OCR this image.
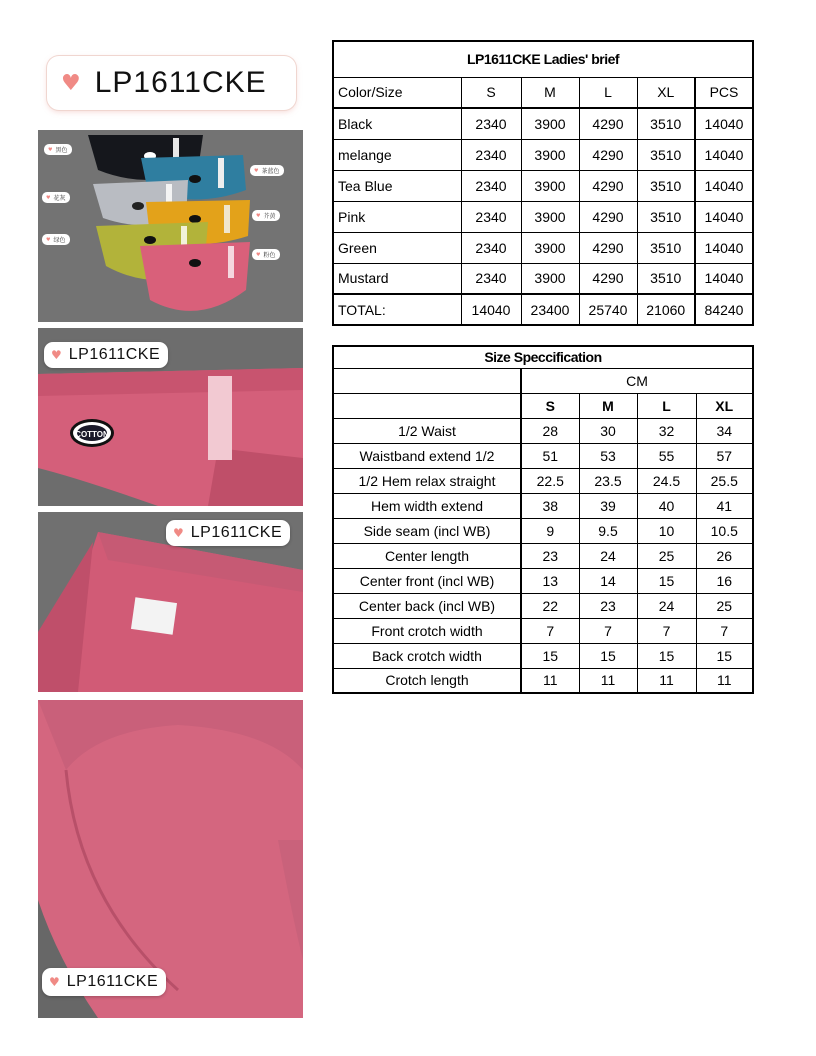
♥ LP1611CKE
♥ 黑色
♥ 茶蓝色
♥ 花灰
♥ 芥黄
♥ 绿色
♥ 粉色
COTTON
♥ LP1611CKE
♥ LP1611CKE
♥ LP1611CKE
LP1611CKE Ladies' brief					
Color/Size	S	M	L	XL	PCS
Black	2340	3900	4290	3510	14040
melange	2340	3900	4290	3510	14040
Tea Blue	2340	3900	4290	3510	14040
Pink	2340	3900	4290	3510	14040
Green	2340	3900	4290	3510	14040
Mustard	2340	3900	4290	3510	14040
TOTAL:	14040	23400	25740	21060	84240
Size Speccification				
	CM			
	S	M	L	XL
1/2 Waist	28	30	32	34
Waistband extend 1/2	51	53	55	57
1/2 Hem relax straight	22.5	23.5	24.5	25.5
Hem width extend	38	39	40	41
Side seam (incl WB)	9	9.5	10	10.5
Center length	23	24	25	26
Center front (incl WB)	13	14	15	16
Center back (incl WB)	22	23	24	25
Front crotch width	7	7	7	7
Back crotch width	15	15	15	15
Crotch length	11	11	11	11
